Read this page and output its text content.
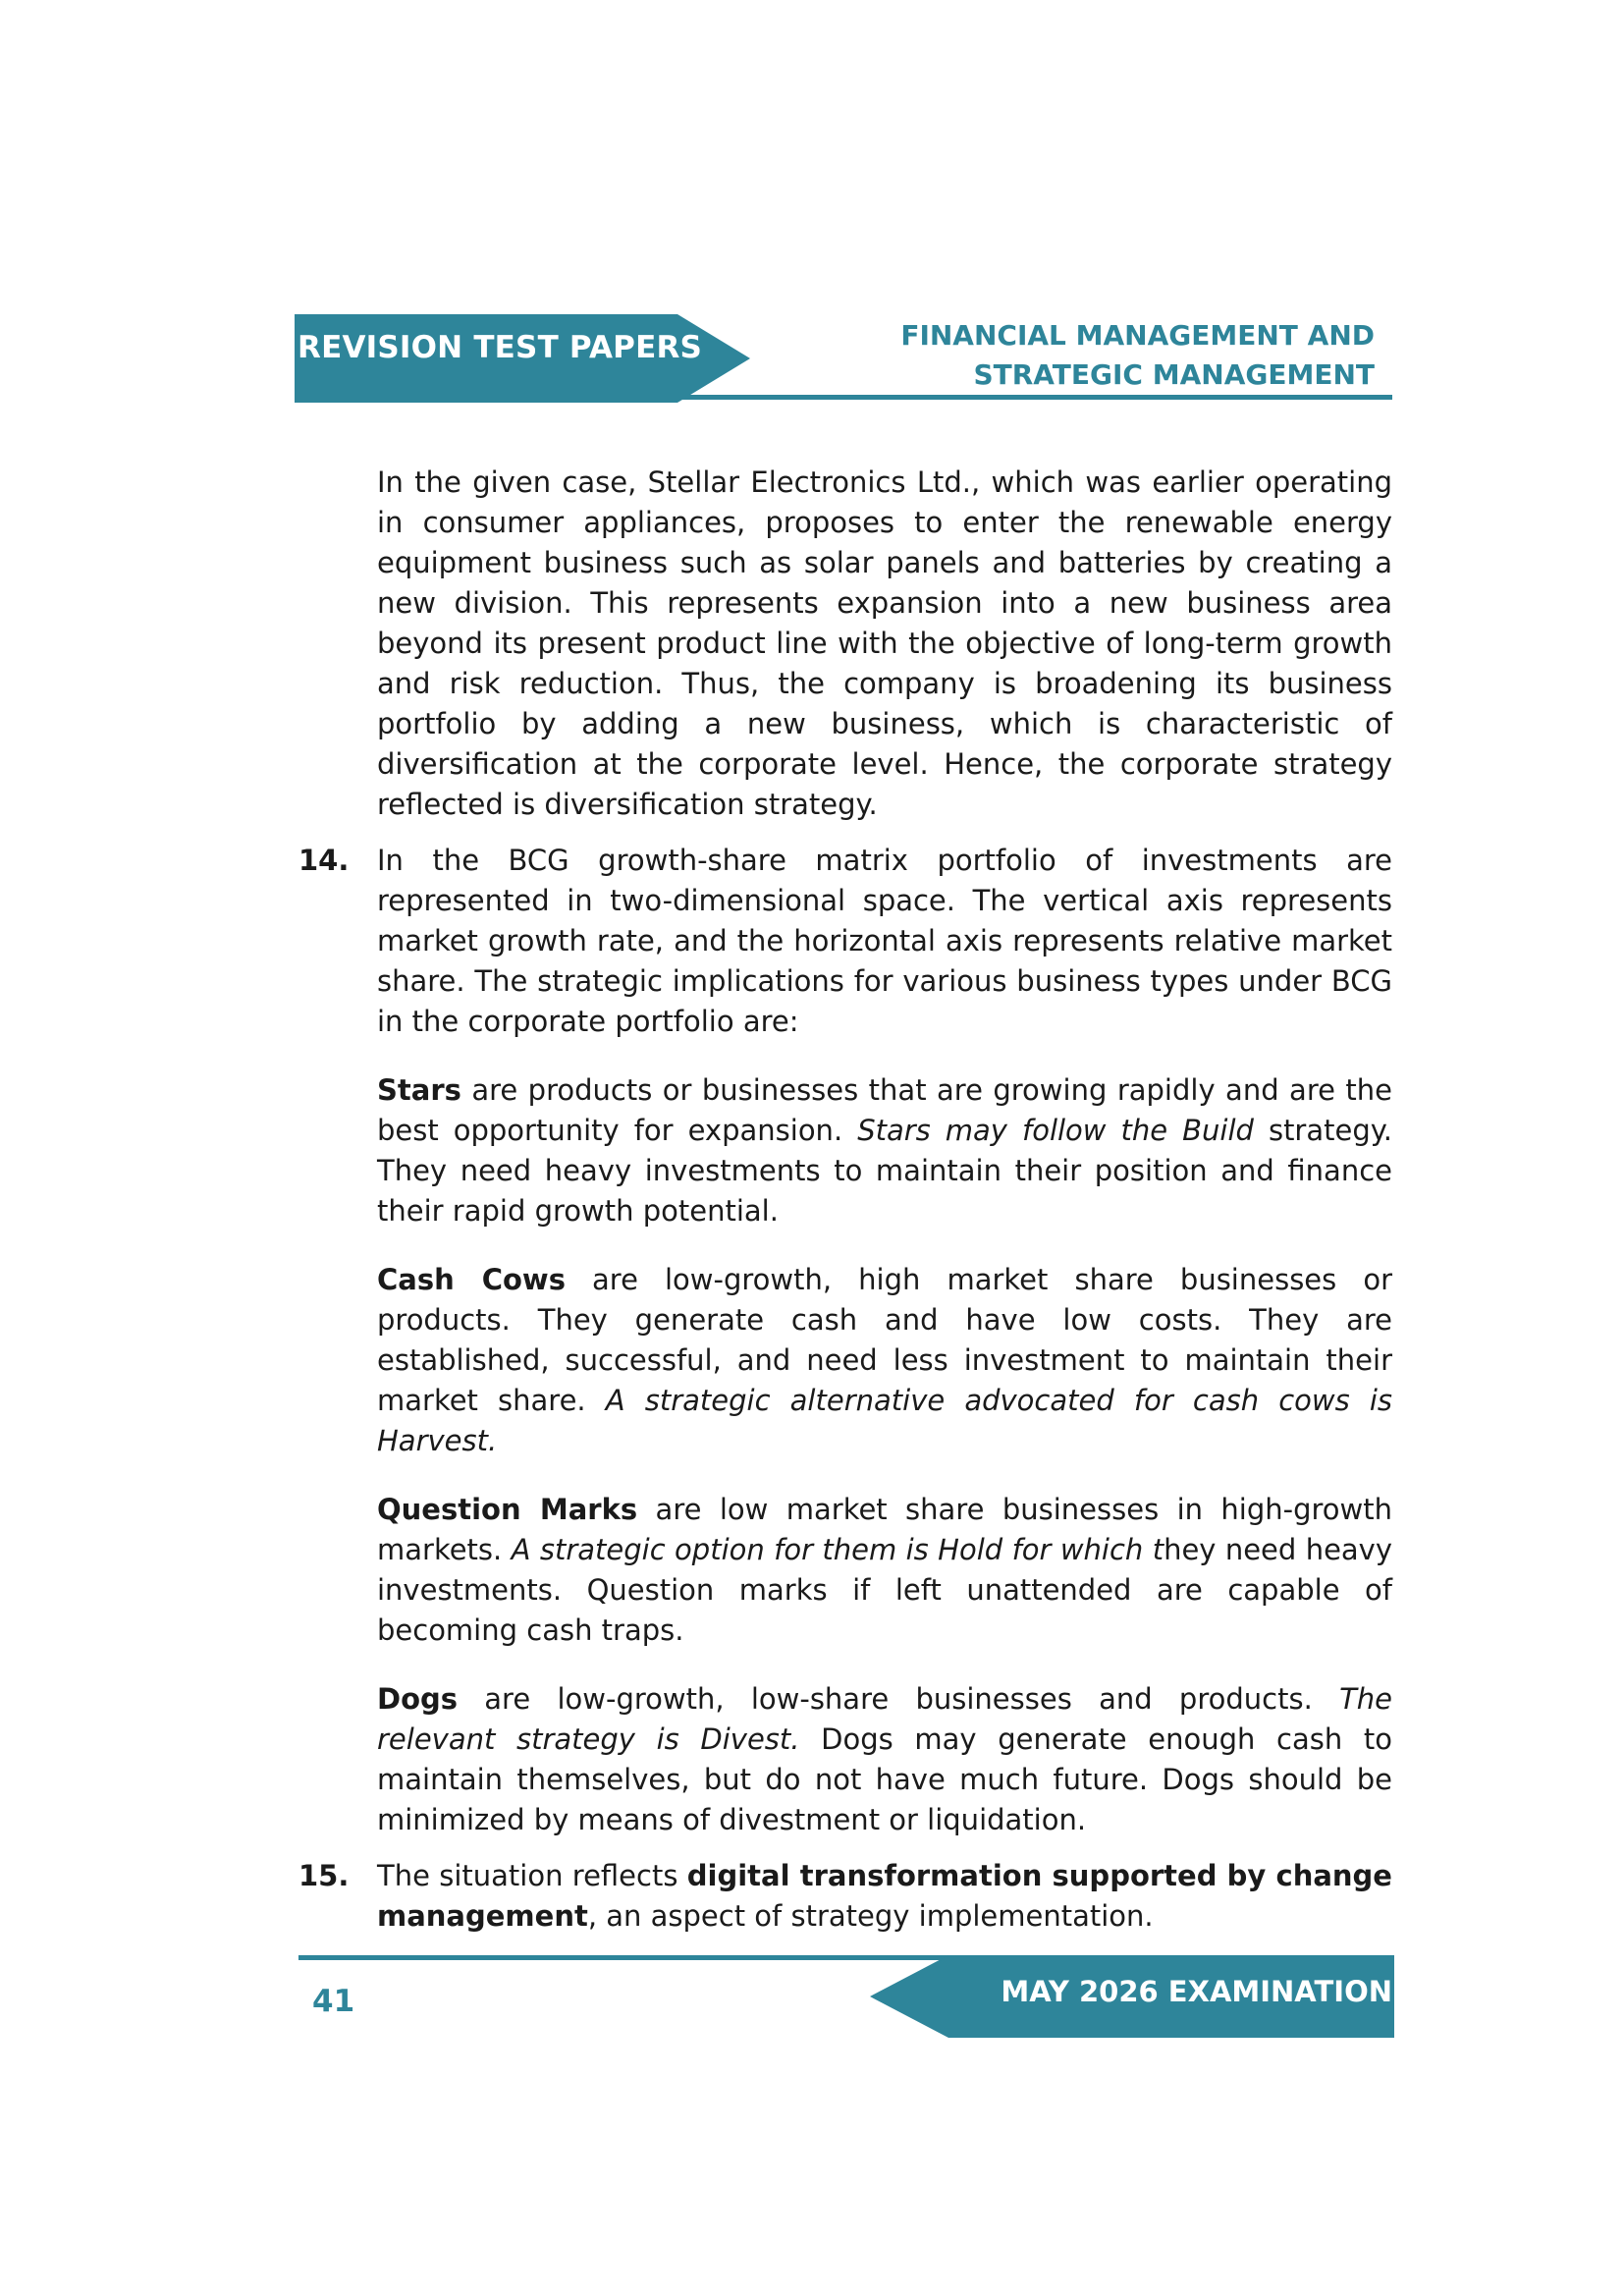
REVISION TEST PAPERS	FINANCIAL MANAGEMENT AND
STRATEGIC MANAGEMENT

In the given case, Stellar Electronics Ltd., which was earlier operating in consumer appliances, proposes to enter the renewable energy equipment business such as solar panels and batteries by creating a new division. This represents expansion into a new business area beyond its present product line with the objective of long-term growth and risk reduction. Thus, the company is broadening its business portfolio by adding a new business, which is characteristic of diversification at the corporate level. Hence, the corporate strategy reflected is diversification strategy.

14. In the BCG growth-share matrix portfolio of investments are represented in two-dimensional space. The vertical axis represents market growth rate, and the horizontal axis represents relative market share. The strategic implications for various business types under BCG in the corporate portfolio are:

Stars are products or businesses that are growing rapidly and are the best opportunity for expansion. Stars may follow the Build strategy. They need heavy investments to maintain their position and finance their rapid growth potential.

Cash Cows are low-growth, high market share businesses or products. They generate cash and have low costs. They are established, successful, and need less investment to maintain their market share. A strategic alternative advocated for cash cows is Harvest.

Question Marks are low market share businesses in high-growth markets. A strategic option for them is Hold for which they need heavy investments. Question marks if left unattended are capable of becoming cash traps.

Dogs are low-growth, low-share businesses and products. The relevant strategy is Divest. Dogs may generate enough cash to maintain themselves, but do not have much future. Dogs should be minimized by means of divestment or liquidation.

15. The situation reflects digital transformation supported by change management, an aspect of strategy implementation.

MAY 2026 EXAMINATION
41
